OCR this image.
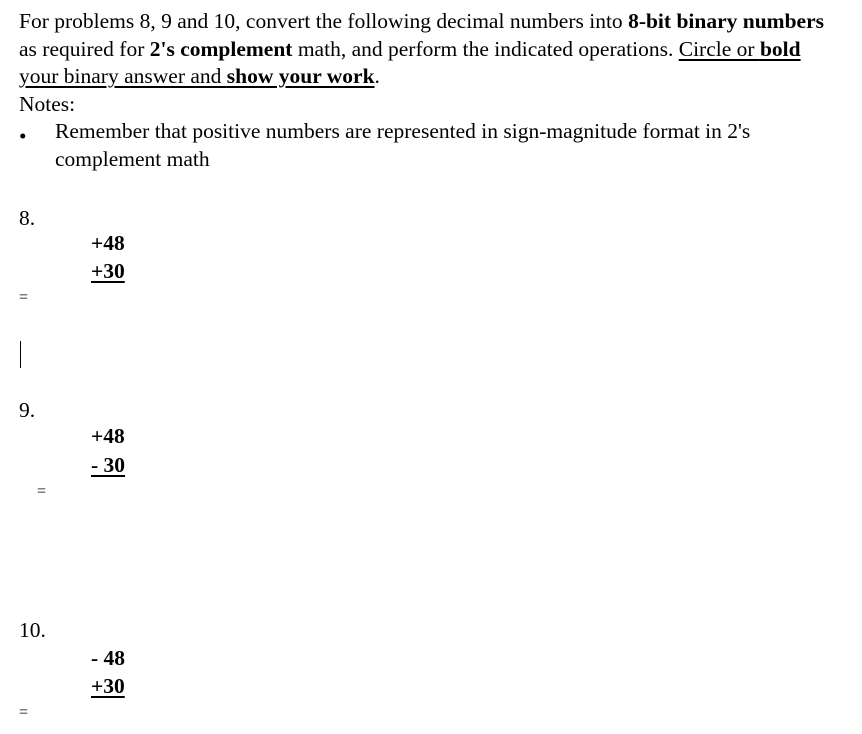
For problems 8, 9 and 10, convert the following decimal numbers into 8-bit binary numbers as required for 2's complement math, and perform the indicated operations. Circle or bold your binary answer and show your work.

Notes:
• Remember that positive numbers are represented in sign-magnitude format in 2's complement math
8.
+48
+30
=
9.
+48
- 30
=
10.
- 48
+30
=
